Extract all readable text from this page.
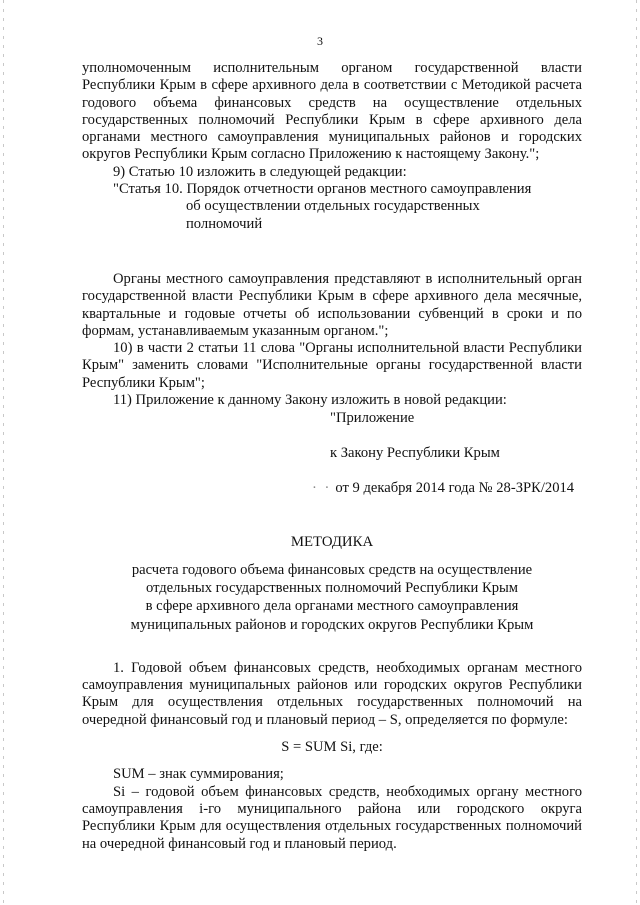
3

уполномоченным исполнительным органом государственной власти Республики Крым в сфере архивного дела в соответствии с Методикой расчета годового объема финансовых средств на осуществление отдельных государственных полномочий Республики Крым в сфере архивного дела органами местного самоуправления муниципальных районов и городских округов Республики Крым согласно Приложению к настоящему Закону.";

9) Статью 10 изложить в следующей редакции:

"Статья 10. Порядок отчетности органов местного самоуправления
об осуществлении отдельных государственных
полномочий

Органы местного самоуправления представляют в исполнительный орган государственной власти Республики Крым в сфере архивного дела месячные, квартальные и годовые отчеты об использовании субвенций в сроки и по формам, устанавливаемым указанным органом.";

10) в части 2 статьи 11 слова "Органы исполнительной власти Республики Крым" заменить словами "Исполнительные органы государственной власти Республики Крым";

11) Приложение к данному Закону изложить в новой редакции:

"Приложение

к Закону Республики Крым

· · от 9 декабря 2014 года № 28-ЗРК/2014

МЕТОДИКА
расчета годового объема финансовых средств на осуществление
отдельных государственных полномочий Республики Крым
в сфере архивного дела органами местного самоуправления
муниципальных районов и городских округов Республики Крым

1. Годовой объем финансовых средств, необходимых органам местного самоуправления муниципальных районов или городских округов Республики Крым для осуществления отдельных государственных полномочий на очередной финансовый год и плановый период – S, определяется по формуле:

S = SUM Si, где:

SUM – знак суммирования;

Si – годовой объем финансовых средств, необходимых органу местного самоуправления i-го муниципального района или городского округа Республики Крым для осуществления отдельных государственных полномочий на очередной финансовый год и плановый период.
